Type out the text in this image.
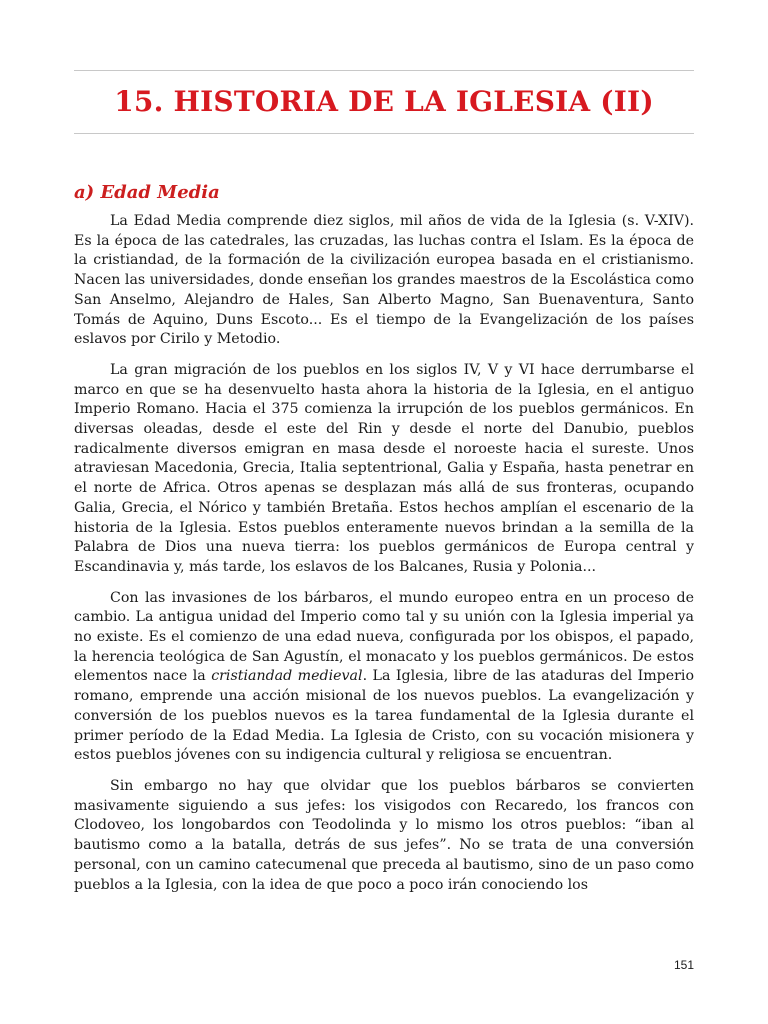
15. HISTORIA DE LA IGLESIA (II)
a) Edad Media

La Edad Media comprende diez siglos, mil años de vida de la Iglesia (s. V-XIV). Es la época de las catedrales, las cruzadas, las luchas contra el Islam. Es la época de la cristiandad, de la formación de la civilización europea basada en el cristianismo. Nacen las universidades, donde enseñan los grandes maestros de la Escolástica como San Anselmo, Alejandro de Hales, San Alberto Magno, San Buenaventura, Santo Tomás de Aquino, Duns Escoto... Es el tiempo de la Evangelización de los países eslavos por Cirilo y Metodio.

La gran migración de los pueblos en los siglos IV, V y VI hace derrumbarse el marco en que se ha desenvuelto hasta ahora la historia de la Iglesia, en el antiguo Imperio Romano. Hacia el 375 comienza la irrupción de los pueblos germánicos. En diversas oleadas, desde el este del Rin y desde el norte del Danubio, pueblos radicalmente diversos emigran en masa desde el noroeste hacia el sureste. Unos atraviesan Macedonia, Grecia, Italia septentrional, Galia y España, hasta penetrar en el norte de Africa. Otros apenas se desplazan más allá de sus fronteras, ocupando Galia, Grecia, el Nórico y también Bretaña. Estos hechos amplían el escenario de la historia de la Iglesia. Estos pueblos enteramente nuevos brindan a la semilla de la Palabra de Dios una nueva tierra: los pueblos germánicos de Europa central y Escandinavia y, más tarde, los eslavos de los Balcanes, Rusia y Polonia...

Con las invasiones de los bárbaros, el mundo europeo entra en un proceso de cambio. La antigua unidad del Imperio como tal y su unión con la Iglesia imperial ya no existe. Es el comienzo de una edad nueva, configurada por los obispos, el papado, la herencia teológica de San Agustín, el monacato y los pueblos germánicos. De estos elementos nace la cristiandad medieval. La Iglesia, libre de las ataduras del Imperio romano, emprende una acción misional de los nuevos pueblos. La evangelización y conversión de los pueblos nuevos es la tarea fundamental de la Iglesia durante el primer período de la Edad Media. La Iglesia de Cristo, con su vocación misionera y estos pueblos jóvenes con su indigencia cultural y religiosa se encuentran.

Sin embargo no hay que olvidar que los pueblos bárbaros se convierten masivamente siguiendo a sus jefes: los visigodos con Recaredo, los francos con Clodoveo, los longobardos con Teodolinda y lo mismo los otros pueblos: “iban al bautismo como a la batalla, detrás de sus jefes”. No se trata de una conversión personal, con un camino catecumenal que preceda al bautismo, sino de un paso como pueblos a la Iglesia, con la idea de que poco a poco irán conociendo los

151
